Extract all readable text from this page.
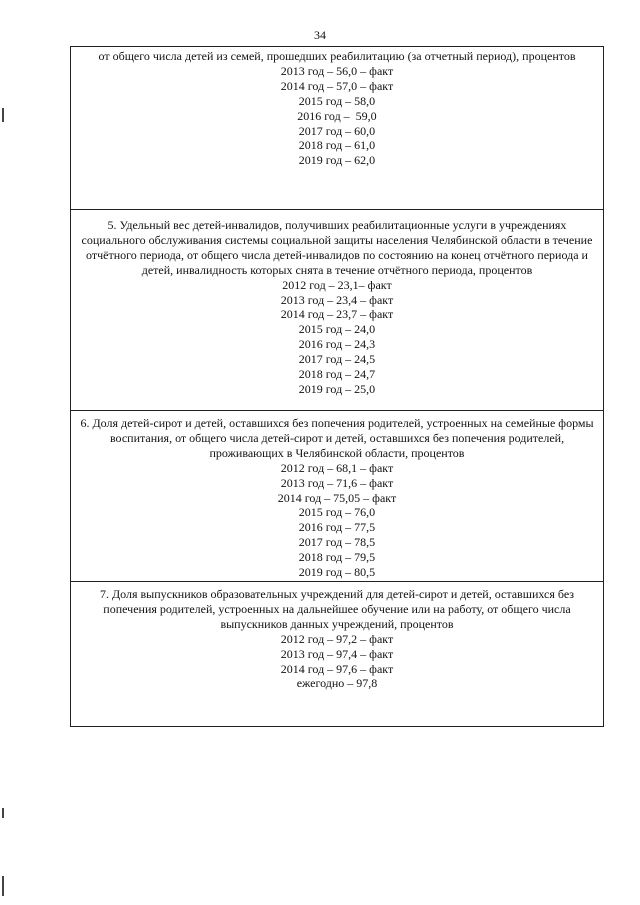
34
от общего числа детей из семей, прошедших реабилитацию (за отчетный период), процентов
2013 год – 56,0 – факт
2014 год – 57,0 – факт
2015 год – 58,0
2016 год –  59,0
2017 год – 60,0
2018 год – 61,0
2019 год – 62,0
5. Удельный вес детей-инвалидов, получивших реабилитационные услуги в учреждениях социального обслуживания системы социальной защиты населения Челябинской области в течение отчётного периода, от общего числа детей-инвалидов по состоянию на конец отчётного периода и детей, инвалидность которых снята в течение отчётного периода, процентов
2012 год – 23,1– факт
2013 год – 23,4 – факт
2014 год – 23,7 – факт
2015 год – 24,0
2016 год – 24,3
2017 год – 24,5
2018 год – 24,7
2019 год – 25,0
6. Доля детей-сирот и детей, оставшихся без попечения родителей, устроенных на семейные формы воспитания, от общего числа детей-сирот и детей, оставшихся без попечения родителей, проживающих в Челябинской области, процентов
2012 год – 68,1 – факт
2013 год – 71,6 – факт
2014 год – 75,05 – факт
2015 год – 76,0
2016 год – 77,5
2017 год – 78,5
2018 год – 79,5
2019 год – 80,5
7. Доля выпускников образовательных учреждений для детей-сирот и детей, оставшихся без попечения родителей, устроенных на дальнейшее обучение или на работу, от общего числа выпускников данных учреждений, процентов
2012 год – 97,2 – факт
2013 год – 97,4 – факт
2014 год – 97,6 – факт
ежегодно – 97,8
